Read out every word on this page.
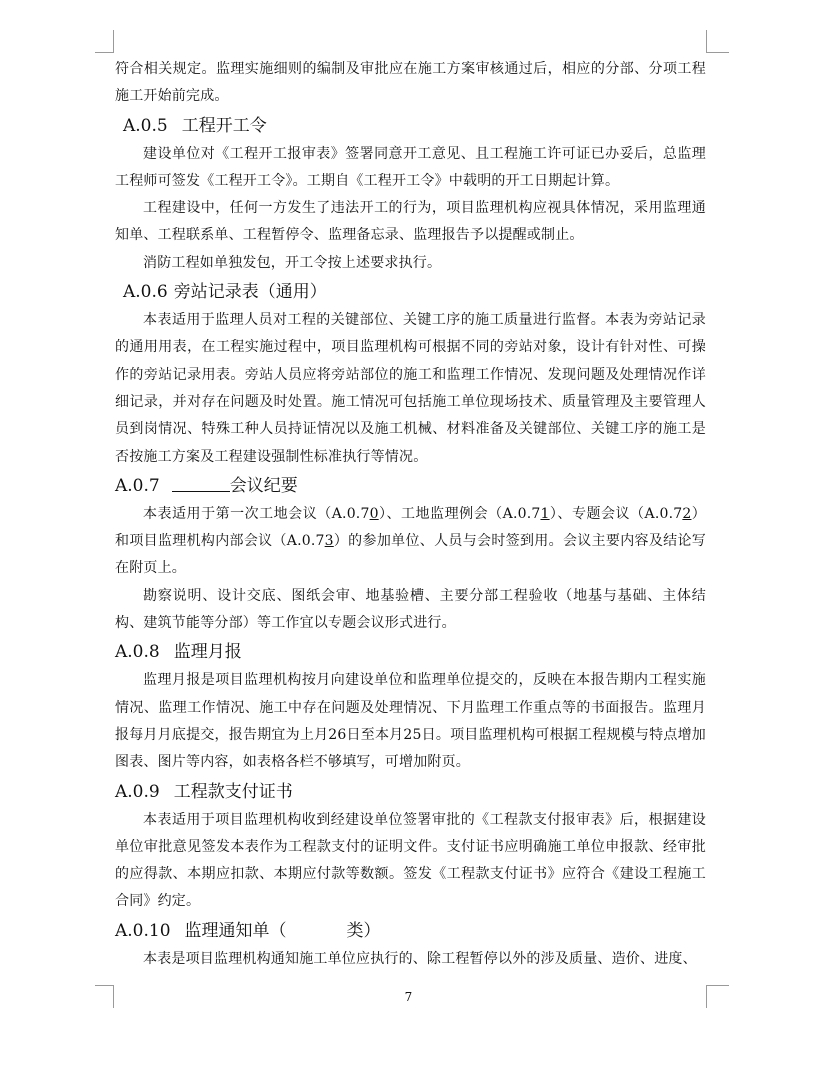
符合相关规定。监理实施细则的编制及审批应在施工方案审核通过后，相应的分部、分项工程施工开始前完成。

A.0.5 工程开工令

建设单位对《工程开工报审表》签署同意开工意见、且工程施工许可证已办妥后，总监理工程师可签发《工程开工令》。工期自《工程开工令》中载明的开工日期起计算。

工程建设中，任何一方发生了违法开工的行为，项目监理机构应视具体情况，采用监理通知单、工程联系单、工程暂停令、监理备忘录、监理报告予以提醒或制止。

消防工程如单独发包，开工令按上述要求执行。

A.0.6 旁站记录表（通用）

本表适用于监理人员对工程的关键部位、关键工序的施工质量进行监督。本表为旁站记录的通用用表，在工程实施过程中，项目监理机构可根据不同的旁站对象，设计有针对性、可操作的旁站记录用表。旁站人员应将旁站部位的施工和监理工作情况、发现问题及处理情况作详细记录，并对存在问题及时处置。施工情况可包括施工单位现场技术、质量管理及主要管理人员到岗情况、特殊工种人员持证情况以及施工机械、材料准备及关键部位、关键工序的施工是否按施工方案及工程建设强制性标准执行等情况。

A.0.7	会议纪要

本表适用于第一次工地会议（A.0.70）、工地监理例会（A.0.71）、专题会议（A.0.72）和项目监理机构内部会议（A.0.73）的参加单位、人员与会时签到用。会议主要内容及结论写在附页上。

勘察说明、设计交底、图纸会审、地基验槽、主要分部工程验收（地基与基础、主体结构、建筑节能等分部）等工作宜以专题会议形式进行。

A.0.8 监理月报

监理月报是项目监理机构按月向建设单位和监理单位提交的，反映在本报告期内工程实施情况、监理工作情况、施工中存在问题及处理情况、下月监理工作重点等的书面报告。监理月报每月月底提交，报告期宜为上月26日至本月25日。项目监理机构可根据工程规模与特点增加图表、图片等内容，如表格各栏不够填写，可增加附页。

A.0.9 工程款支付证书

本表适用于项目监理机构收到经建设单位签署审批的《工程款支付报审表》后，根据建设单位审批意见签发本表作为工程款支付的证明文件。支付证书应明确施工单位申报款、经审批的应得款、本期应扣款、本期应付款等数额。签发《工程款支付证书》应符合《建设工程施工合同》约定。

A.0.10 监理通知单（	类）

本表是项目监理机构通知施工单位应执行的、除工程暂停以外的涉及质量、造价、进度、

7
